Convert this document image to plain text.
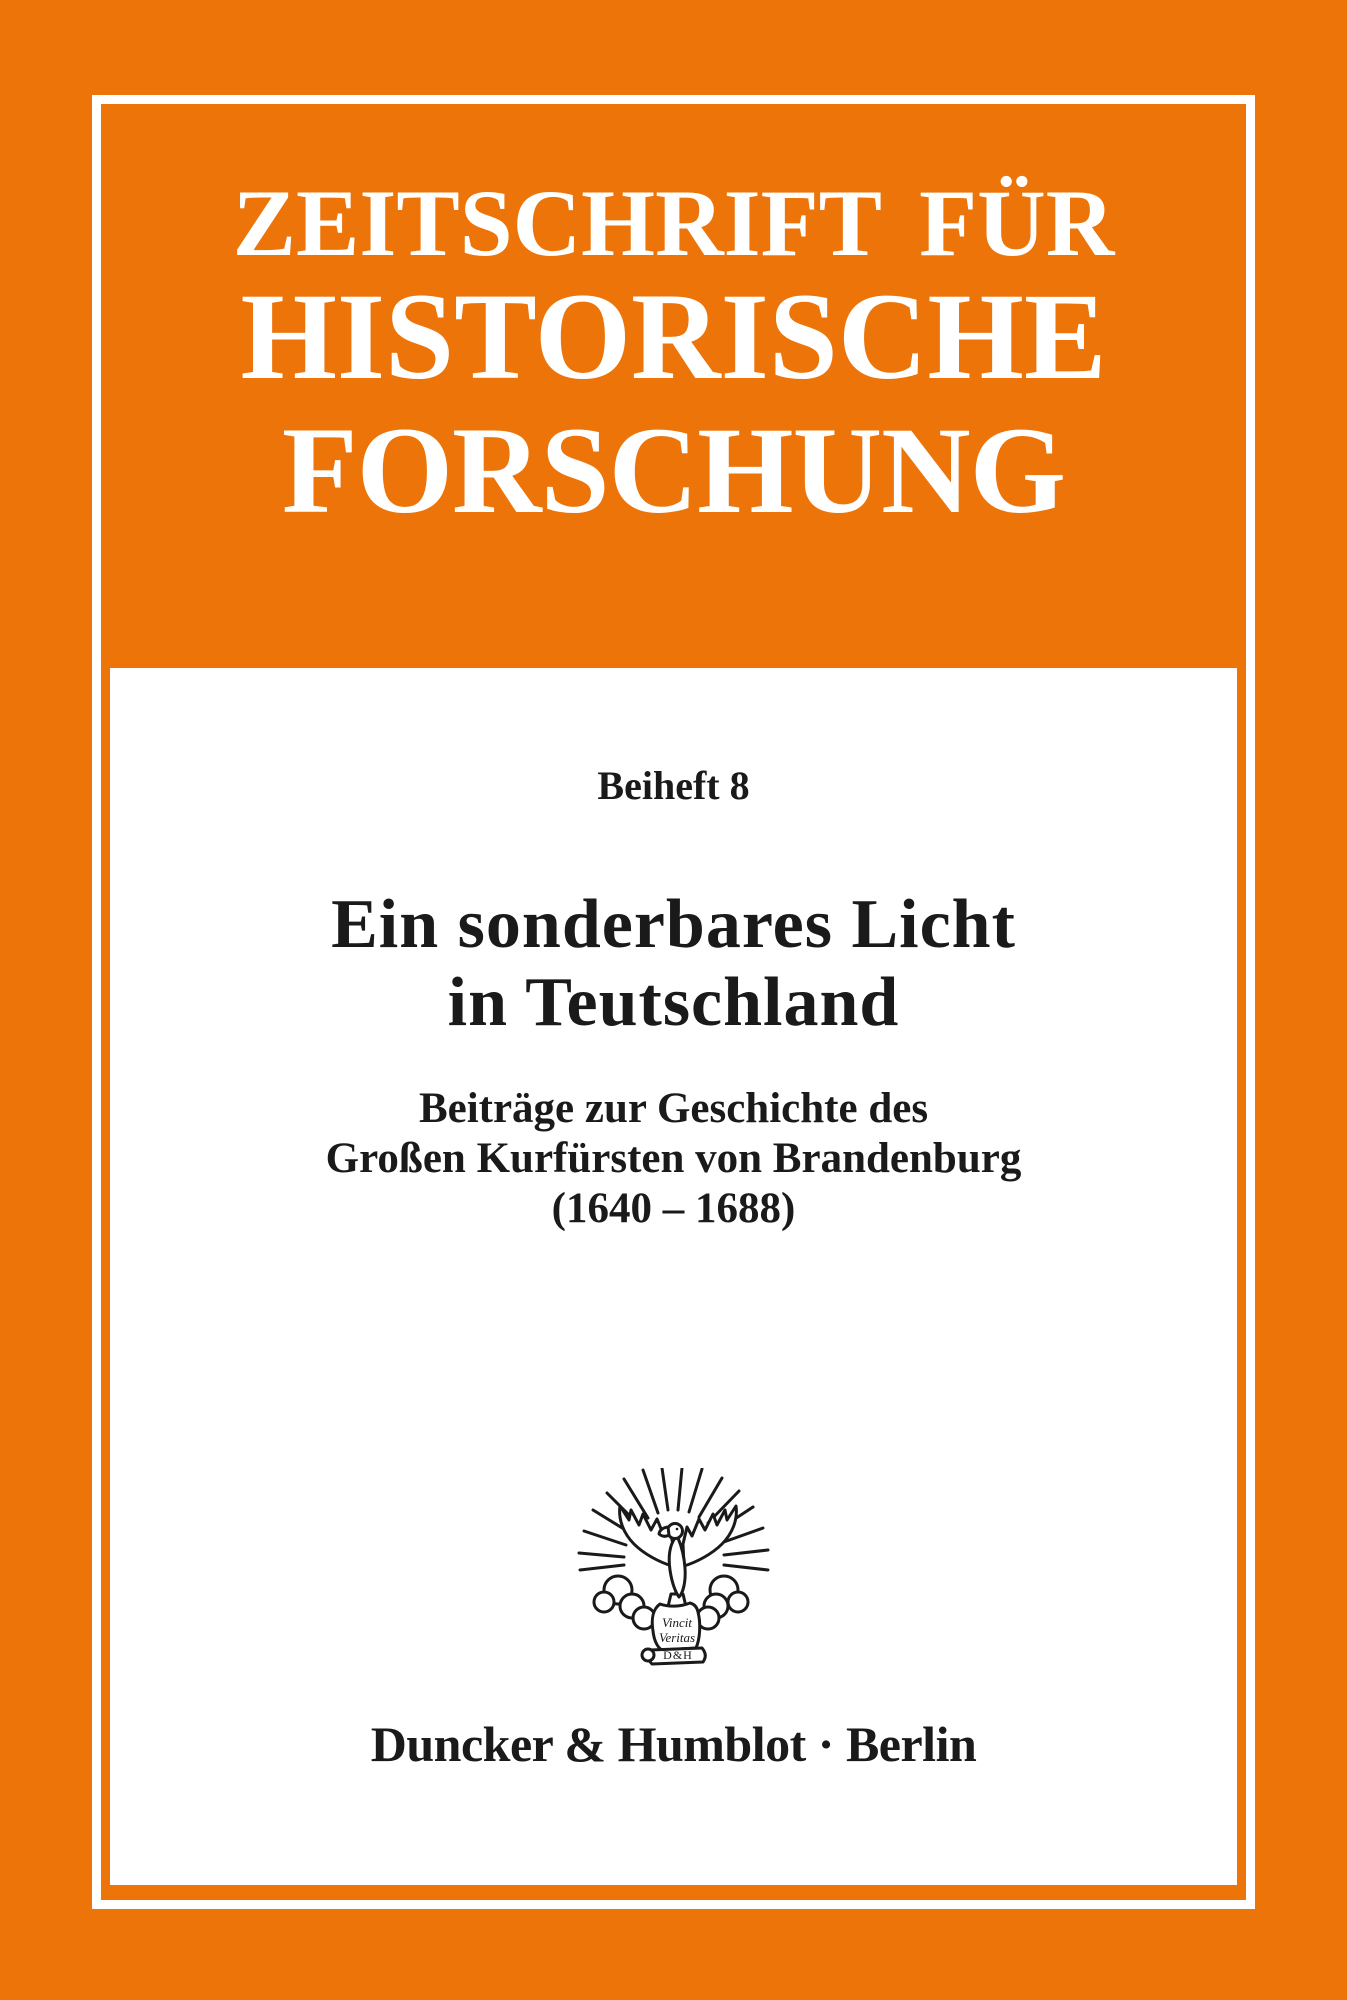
ZEITSCHRIFT FÜR
HISTORISCHE
FORSCHUNG
Beiheft 8
Ein sonderbares Licht
in Teutschland
Beiträge zur Geschichte des
Großen Kurfürsten von Brandenburg
(1640 – 1688)
Vincit
Veritas
D&H
Duncker & Humblot · Berlin
